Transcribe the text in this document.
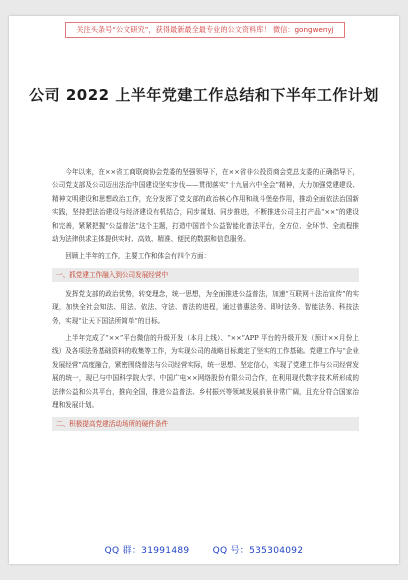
关注头条号“公文研究”，获得最新最全最专业的公文资料库！ 微信：gongwenyj
公司 2022 上半年党建工作总结和下半年工作计划

今年以来，在××省工商联商协会党委的坚强领导下，在××省非公投资商会党总支委的正确指导下，公司党支部及公司迈出法治中国建设坚实步伐——贯彻落实“十九届六中全会”精神，大力加强党建建设、精神文明建设和思想政治工作，充分发挥了党支部的政治核心作用和战斗堡垒作用，推动全面依法治国新实践，坚持把法治建设与经济建设有机结合，同步谋划、同步推进，不断推进公司主打产品“××”的建设和完善，紧紧把握“公益普法”这个主题，打造中国首个公益智能化普法平台，全方位、全环节、全流程推动为法律供求主体提供实时、高效、精准、便民的数据和信息服务。

回顾上半年的工作，主要工作和体会有四个方面：

一、抓党建工作融入到公司发展经营中

发挥党支部的政治优势，转变理念，统一思想，为全面推进公益普法，加速“互联网＋法治宣传”的实现，加快全社会知法、用法、依法、守法、普法的进程，通过普惠法务、即时法务、智能法务、科技法务，实现“让天下国法所简单”的目标。

上半年完成了“××”平台微信的升级开发（本月上线）、“××”APP 平台的升级开发（预计××月份上线）及各项法务基础资料的收集等工作，为实现公司的战略目标奠定了坚实的工作基础。党建工作与“企业发展经营”高度融合，紧密围绕普法与公司经营实际，统一思想、坚定信心，实现了党建工作与公司经营发展的统一，现已与中国科学院大学、中国广电××网络股份有限公司合作，在利用现代数字技术所形成的法律公益和公共平台，推向全国，推进公益普法、乡村振兴等领域发展前景非常广阔，且充分符合国家治理和发展计划。

二、积极提高党建活动场所的硬件条件
QQ 群：31991489	QQ 号：535304092
